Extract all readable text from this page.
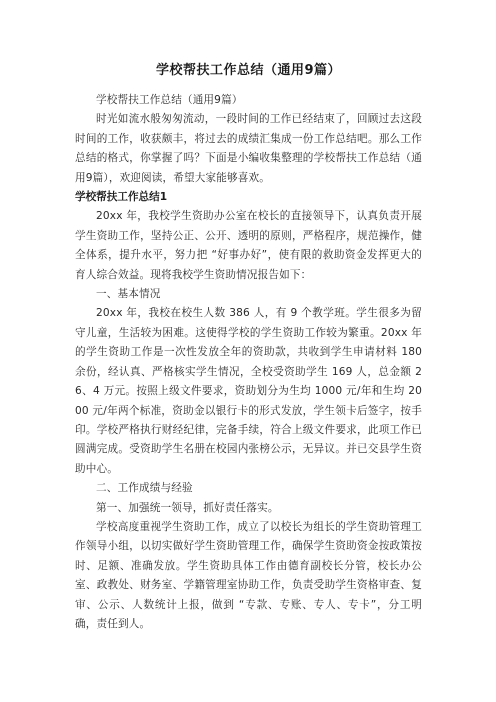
学校帮扶工作总结（通用9篇）

学校帮扶工作总结（通用9篇）

时光如流水般匆匆流动，一段时间的工作已经结束了，回顾过去这段时间的工作，收获颇丰，将过去的成绩汇集成一份工作总结吧。那么工作总结的格式，你掌握了吗？下面是小编收集整理的学校帮扶工作总结（通用9篇），欢迎阅读，希望大家能够喜欢。

学校帮扶工作总结1

20xx 年，我校学生资助办公室在校长的直接领导下，认真负责开展学生资助工作，坚持公正、公开、透明的原则，严格程序，规范操作，健全体系，提升水平，努力把 “好事办好”，使有限的救助资金发挥更大的育人综合效益。现将我校学生资助情况报告如下：

一、基本情况

20xx 年，我校在校生人数 386 人，有 9 个教学班。学生很多为留守儿童，生活较为困难。这使得学校的学生资助工作较为繁重。20xx 年的学生资助工作是一次性发放全年的资助款，共收到学生申请材料 180 余份，经认真、严格核实学生情况，全校受资助学生 169 人，总金额 26、4 万元。按照上级文件要求，资助划分为生均 1000 元/年和生均 2000 元/年两个标准，资助金以银行卡的形式发放，学生领卡后签字，按手印。学校严格执行财经纪律，完备手续，符合上级文件要求，此项工作已圆满完成。受资助学生名册在校园内张榜公示，无异议。并已交县学生资助中心。

二、工作成绩与经验

第一、加强统一领导，抓好责任落实。

学校高度重视学生资助工作，成立了以校长为组长的学生资助管理工作领导小组，以切实做好学生资助管理工作，确保学生资助资金按政策按时、足额、准确发放。学生资助具体工作由德育副校长分管，校长办公室、政教处、财务室、学籍管理室协助工作，负责受助学生资格审查、复审、公示、人数统计上报，做到 “专款、专账、专人、专卡”，分工明确，责任到人。
